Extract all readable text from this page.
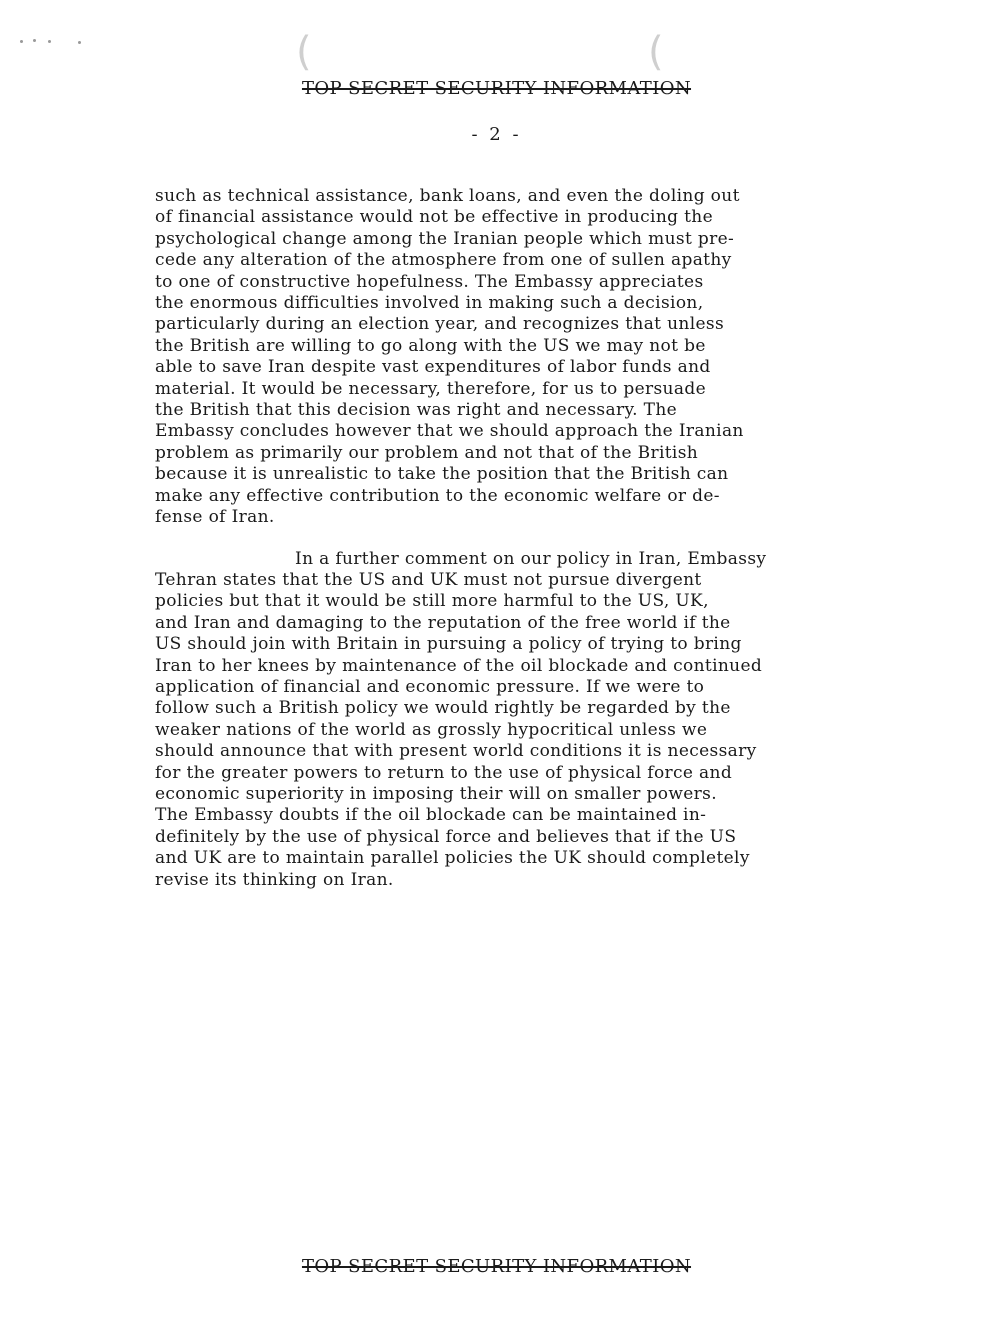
(	(
TOP SECRET SECURITY INFORMATION
- 2 -
such as technical assistance, bank loans, and even the doling out
of financial assistance would not be effective in producing the
psychological change among the Iranian people which must pre-
cede any alteration of the atmosphere from one of sullen apathy
to one of constructive hopefulness. The Embassy appreciates
the enormous difficulties involved in making such a decision,
particularly during an election year, and recognizes that unless
the British are willing to go along with the US we may not be
able to save Iran despite vast expenditures of labor funds and
material. It would be necessary, therefore, for us to persuade
the British that this decision was right and necessary. The
Embassy concludes however that we should approach the Iranian
problem as primarily our problem and not that of the British
because it is unrealistic to take the position that the British can
make any effective contribution to the economic welfare or de-
fense of Iran.
In a further comment on our policy in Iran, Embassy
Tehran states that the US and UK must not pursue divergent
policies but that it would be still more harmful to the US, UK,
and Iran and damaging to the reputation of the free world if the
US should join with Britain in pursuing a policy of trying to bring
Iran to her knees by maintenance of the oil blockade and continued
application of financial and economic pressure. If we were to
follow such a British policy we would rightly be regarded by the
weaker nations of the world as grossly hypocritical unless we
should announce that with present world conditions it is necessary
for the greater powers to return to the use of physical force and
economic superiority in imposing their will on smaller powers.
The Embassy doubts if the oil blockade can be maintained in-
definitely by the use of physical force and believes that if the US
and UK are to maintain parallel policies the UK should completely
revise its thinking on Iran.
TOP SECRET SECURITY INFORMATION
